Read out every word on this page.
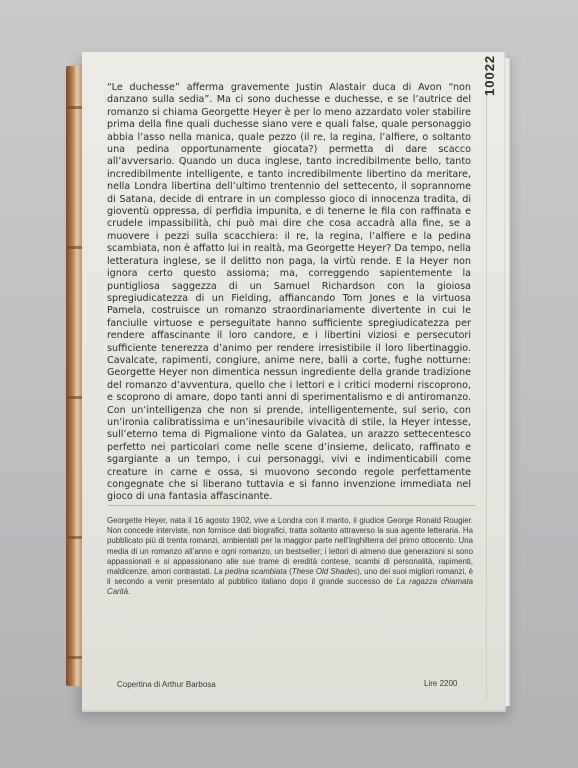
10022

“Le duchesse” afferma gravemente Justin Alastair duca di Avon “non danzano sulla sedia”. Ma ci sono duchesse e duchesse, e se l’autrice del romanzo si chiama Georgette Heyer è per lo meno azzardato voler stabilire prima della fine quali duchesse siano vere e quali false, quale personaggio abbia l’asso nella manica, quale pezzo (il re, la regina, l’alfiere, o soltanto una pedina opportunamente giocata?) permetta di dare scacco all’avversario. Quando un duca inglese, tanto incredibilmente bello, tanto incredibilmente intelligente, e tanto incredibilmente libertino da meritare, nella Londra libertina dell’ultimo trentennio del settecento, il soprannome di Satana, decide di entrare in un complesso gioco di innocenza tradita, di gioventù oppressa, di perfidia impunita, e di tenerne le fila con raffinata e crudele impassibilità, chi può mai dire che cosa accadrà alla fine, se a muovere i pezzi sulla scacchiera: il re, la regina, l’alfiere e la pedina scambiata, non è affatto lui in realtà, ma Georgette Heyer? Da tempo, nella letteratura inglese, se il delitto non paga, la virtù rende. E la Heyer non ignora certo questo assioma; ma, correggendo sapientemente la puntigliosa saggezza di un Samuel Richardson con la gioiosa spregiudicatezza di un Fielding, affiancando Tom Jones e la virtuosa Pamela, costruisce un romanzo straordinariamente divertente in cui le fanciulle virtuose e perseguitate hanno sufficiente spregiudicatezza per rendere affascinante il loro candore, e i libertini viziosi e persecutori sufficiente tenerezza d’animo per rendere irresistibile il loro libertinaggio. Cavalcate, rapimenti, congiure, anime nere, balli a corte, fughe notturne: Georgette Heyer non dimentica nessun ingrediente della grande tradizione del romanzo d’avventura, quello che i lettori e i critici moderni riscoprono, e scoprono di amare, dopo tanti anni di sperimentalismo e di antiromanzo. Con un’intelligenza che non si prende, intelligentemente, sul serio, con un’ironia calibratissima e un’inesauribile vivacità di stile, la Heyer intesse, sull’eterno tema di Pigmalione vinto da Galatea, un arazzo settecentesco perfetto nei particolari come nelle scene d’insieme, delicato, raffinato e sgargiante a un tempo, i cui personaggi, vivi e indimenticabili come creature in carne e ossa, si muovono secondo regole perfettamente congegnate che si liberano tuttavia e si fanno invenzione immediata nel gioco di una fantasia affascinante.

Georgette Heyer, nata il 16 agosto 1902, vive a Londra con il marito, il giudice George Ronald Rougier. Non concede interviste, non fornisce dati biografici, tratta soltanto attraverso la sua agente letteraria. Ha pubblicato più di trenta romanzi, ambientati per la maggior parte nell’Inghilterra del primo ottocento. Una media di un romanzo all’anno e ogni romanzo, un bestseller; i lettori di almeno due generazioni si sono appassionati e si appassionano alle sue trame di eredità contese, scambi di personalità, rapimenti, maldicenze, amori contrastati. La pedina scambiata (These Old Shades), uno dei suoi migliori romanzi, è il secondo a venir presentato al pubblico italiano dopo il grande successo de La ragazza chiamata Carità.

Copertina di Arthur Barbosa	Lire 2200
